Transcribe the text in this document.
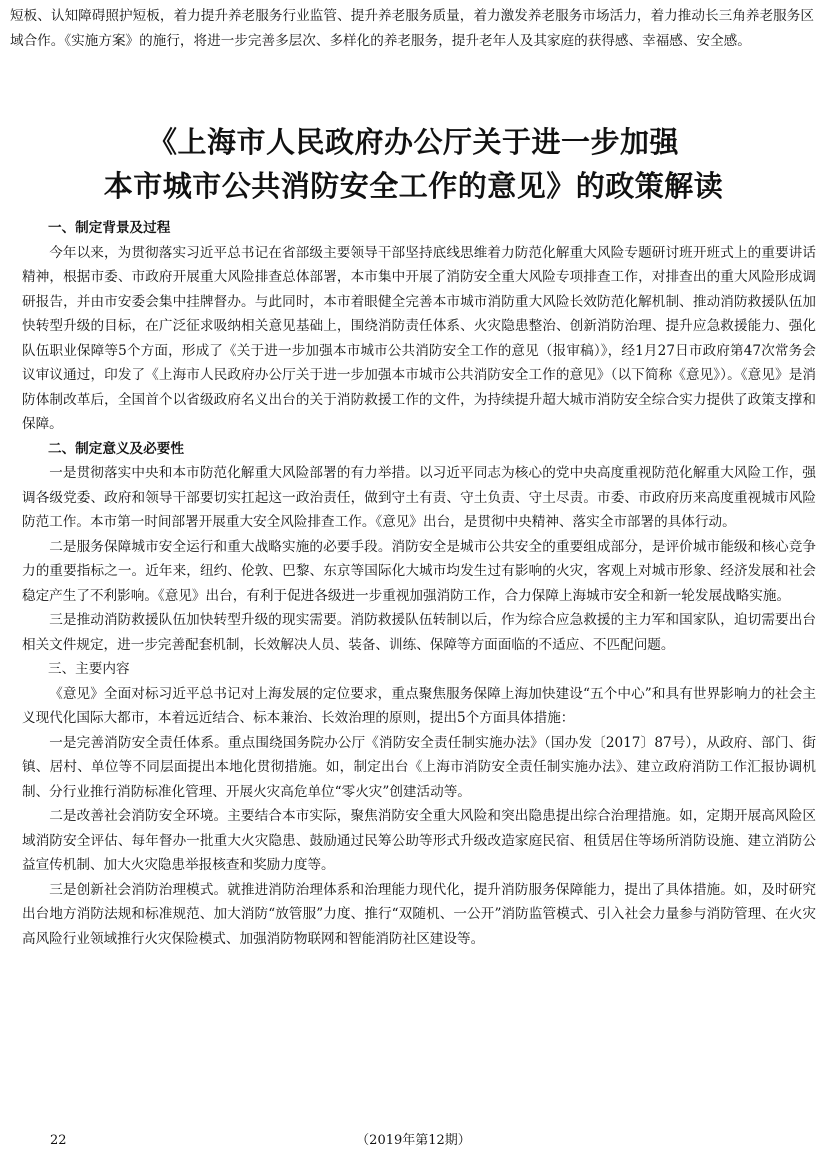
短板、认知障碍照护短板，着力提升养老服务行业监管、提升养老服务质量，着力激发养老服务市场活力，着力推动长三角养老服务区域合作。《实施方案》的施行，将进一步完善多层次、多样化的养老服务，提升老年人及其家庭的获得感、幸福感、安全感。

《上海市人民政府办公厅关于进一步加强
本市城市公共消防安全工作的意见》的政策解读

一、制定背景及过程

今年以来，为贯彻落实习近平总书记在省部级主要领导干部坚持底线思维着力防范化解重大风险专题研讨班开班式上的重要讲话精神，根据市委、市政府开展重大风险排查总体部署，本市集中开展了消防安全重大风险专项排查工作，对排查出的重大风险形成调研报告，并由市安委会集中挂牌督办。与此同时，本市着眼健全完善本市城市消防重大风险长效防范化解机制、推动消防救援队伍加快转型升级的目标，在广泛征求吸纳相关意见基础上，围绕消防责任体系、火灾隐患整治、创新消防治理、提升应急救援能力、强化队伍职业保障等5个方面，形成了《关于进一步加强本市城市公共消防安全工作的意见（报审稿）》，经1月27日市政府第47次常务会议审议通过，印发了《上海市人民政府办公厅关于进一步加强本市城市公共消防安全工作的意见》（以下简称《意见》）。《意见》是消防体制改革后，全国首个以省级政府名义出台的关于消防救援工作的文件，为持续提升超大城市消防安全综合实力提供了政策支撑和保障。

二、制定意义及必要性

一是贯彻落实中央和本市防范化解重大风险部署的有力举措。以习近平同志为核心的党中央高度重视防范化解重大风险工作，强调各级党委、政府和领导干部要切实扛起这一政治责任，做到守土有责、守土负责、守土尽责。市委、市政府历来高度重视城市风险防范工作。本市第一时间部署开展重大安全风险排查工作。《意见》出台，是贯彻中央精神、落实全市部署的具体行动。

二是服务保障城市安全运行和重大战略实施的必要手段。消防安全是城市公共安全的重要组成部分，是评价城市能级和核心竞争力的重要指标之一。近年来，纽约、伦敦、巴黎、东京等国际化大城市均发生过有影响的火灾，客观上对城市形象、经济发展和社会稳定产生了不利影响。《意见》出台，有利于促进各级进一步重视加强消防工作，合力保障上海城市安全和新一轮发展战略实施。

三是推动消防救援队伍加快转型升级的现实需要。消防救援队伍转制以后，作为综合应急救援的主力军和国家队，迫切需要出台相关文件规定，进一步完善配套机制，长效解决人员、装备、训练、保障等方面面临的不适应、不匹配问题。

三、主要内容

《意见》全面对标习近平总书记对上海发展的定位要求，重点聚焦服务保障上海加快建设“五个中心”和具有世界影响力的社会主义现代化国际大都市，本着远近结合、标本兼治、长效治理的原则，提出5个方面具体措施：

一是完善消防安全责任体系。重点围绕国务院办公厅《消防安全责任制实施办法》（国办发〔2017〕87号），从政府、部门、街镇、居村、单位等不同层面提出本地化贯彻措施。如，制定出台《上海市消防安全责任制实施办法》、建立政府消防工作汇报协调机制、分行业推行消防标准化管理、开展火灾高危单位“零火灾”创建活动等。

二是改善社会消防安全环境。主要结合本市实际，聚焦消防安全重大风险和突出隐患提出综合治理措施。如，定期开展高风险区域消防安全评估、每年督办一批重大火灾隐患、鼓励通过民筹公助等形式升级改造家庭民宿、租赁居住等场所消防设施、建立消防公益宣传机制、加大火灾隐患举报核查和奖励力度等。

三是创新社会消防治理模式。就推进消防治理体系和治理能力现代化，提升消防服务保障能力，提出了具体措施。如，及时研究出台地方消防法规和标准规范、加大消防“放管服”力度、推行“双随机、一公开”消防监管模式、引入社会力量参与消防管理、在火灾高风险行业领域推行火灾保险模式、加强消防物联网和智能消防社区建设等。

22	（2019年第12期）
